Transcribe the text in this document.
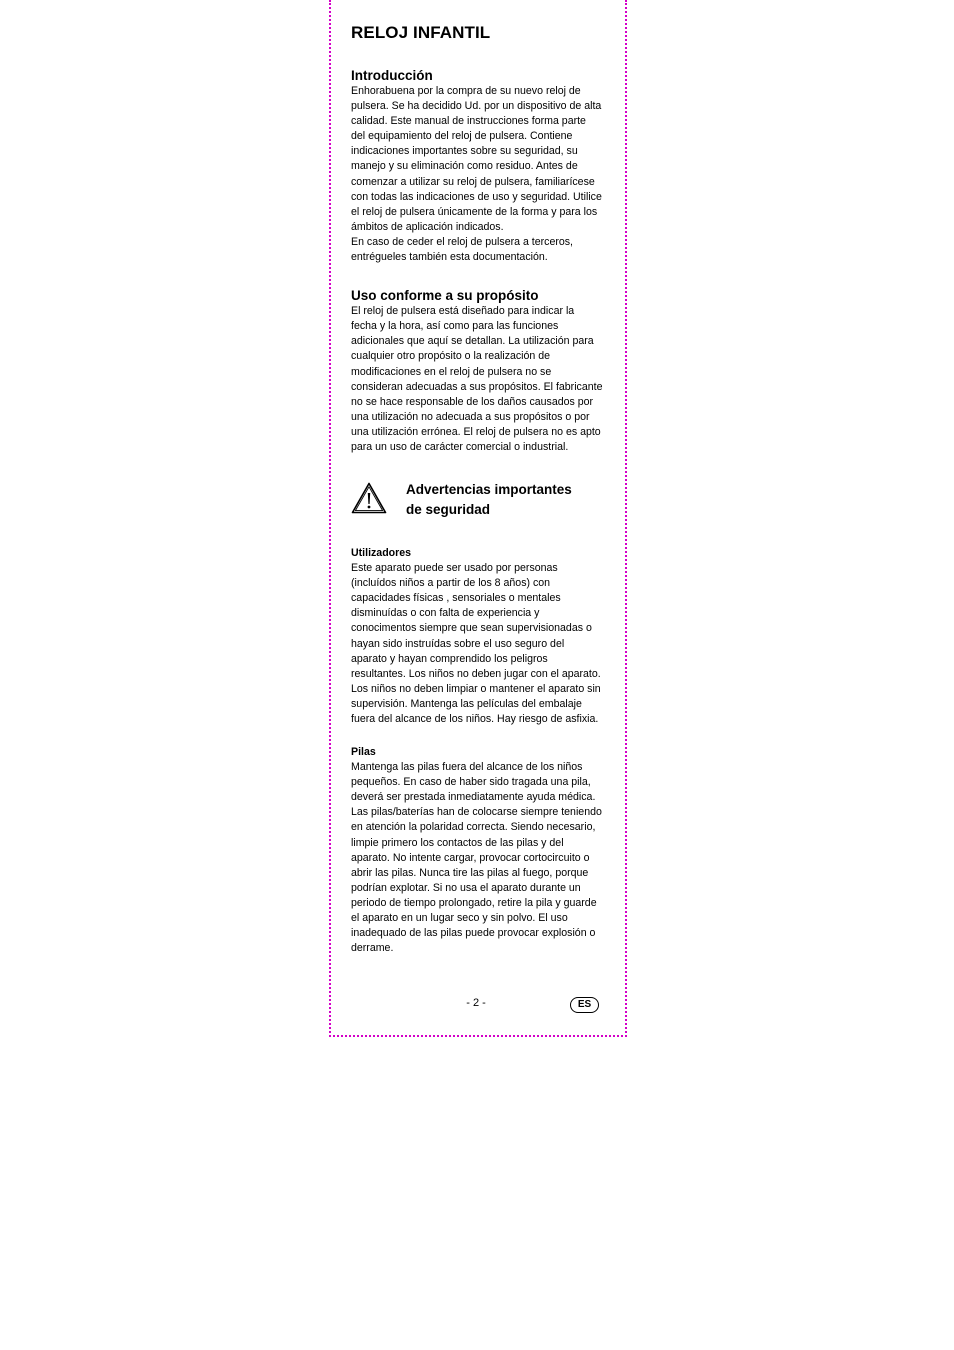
RELOJ INFANTIL
Introducción

Enhorabuena por la compra de su nuevo reloj de pulsera. Se ha decidido Ud. por un dispositivo de alta calidad. Este manual de instrucciones forma parte del equipamiento del reloj de pulsera. Contiene indicaciones importantes sobre su seguridad, su manejo y su eliminación como residuo. Antes de comenzar a utilizar su reloj de pulsera, familiarícese con todas las indicaciones de uso y seguridad. Utilice el reloj de pulsera únicamente de la forma y para los ámbitos de aplicación indicados.

En caso de ceder el reloj de pulsera a terceros, entrégueles también esta documentación.

Uso conforme a su propósito

El reloj de pulsera está diseñado para indicar la fecha y la hora, así como para las funciones adicionales que aquí se detallan. La utilización para cualquier otro propósito o la realización de modificaciones en el reloj de pulsera no se consideran adecuadas a sus propósitos. El fabricante no se hace responsable de los daños causados por una utilización no adecuada a sus propósitos o por una utilización errónea. El reloj de pulsera no es apto para un uso de carácter comercial o industrial.

Advertencias importantes
de seguridad
Utilizadores

Este aparato puede ser usado por personas (incluídos niños a partir de los 8 años) con capacidades físicas , sensoriales o mentales disminuídas o con falta de experiencia y conocimentos siempre que sean supervisionadas o hayan sido instruídas sobre el uso seguro del aparato y hayan comprendido los peligros resultantes. Los niños no deben jugar con el aparato. Los niños no deben limpiar o mantener el aparato sin supervisión. Mantenga las películas del embalaje fuera del alcance de los niños. Hay riesgo de asfixia.

Pilas

Mantenga las pilas fuera del alcance de los niños pequeños. En caso de haber sido tragada una pila, deverá ser prestada inmediatamente ayuda médica.

Las pilas/baterías han de colocarse siempre teniendo en atención la polaridad correcta. Siendo necesario, limpie primero los contactos de las pilas y del aparato. No intente cargar, provocar cortocircuito o abrir las pilas. Nunca tire las pilas al fuego, porque podrían explotar. Si no usa el aparato durante un periodo de tiempo prolongado, retire la pila y guarde el aparato en un lugar seco y sin polvo. El uso inadequado de las pilas puede provocar explosión o derrame.

- 2 -	ES
